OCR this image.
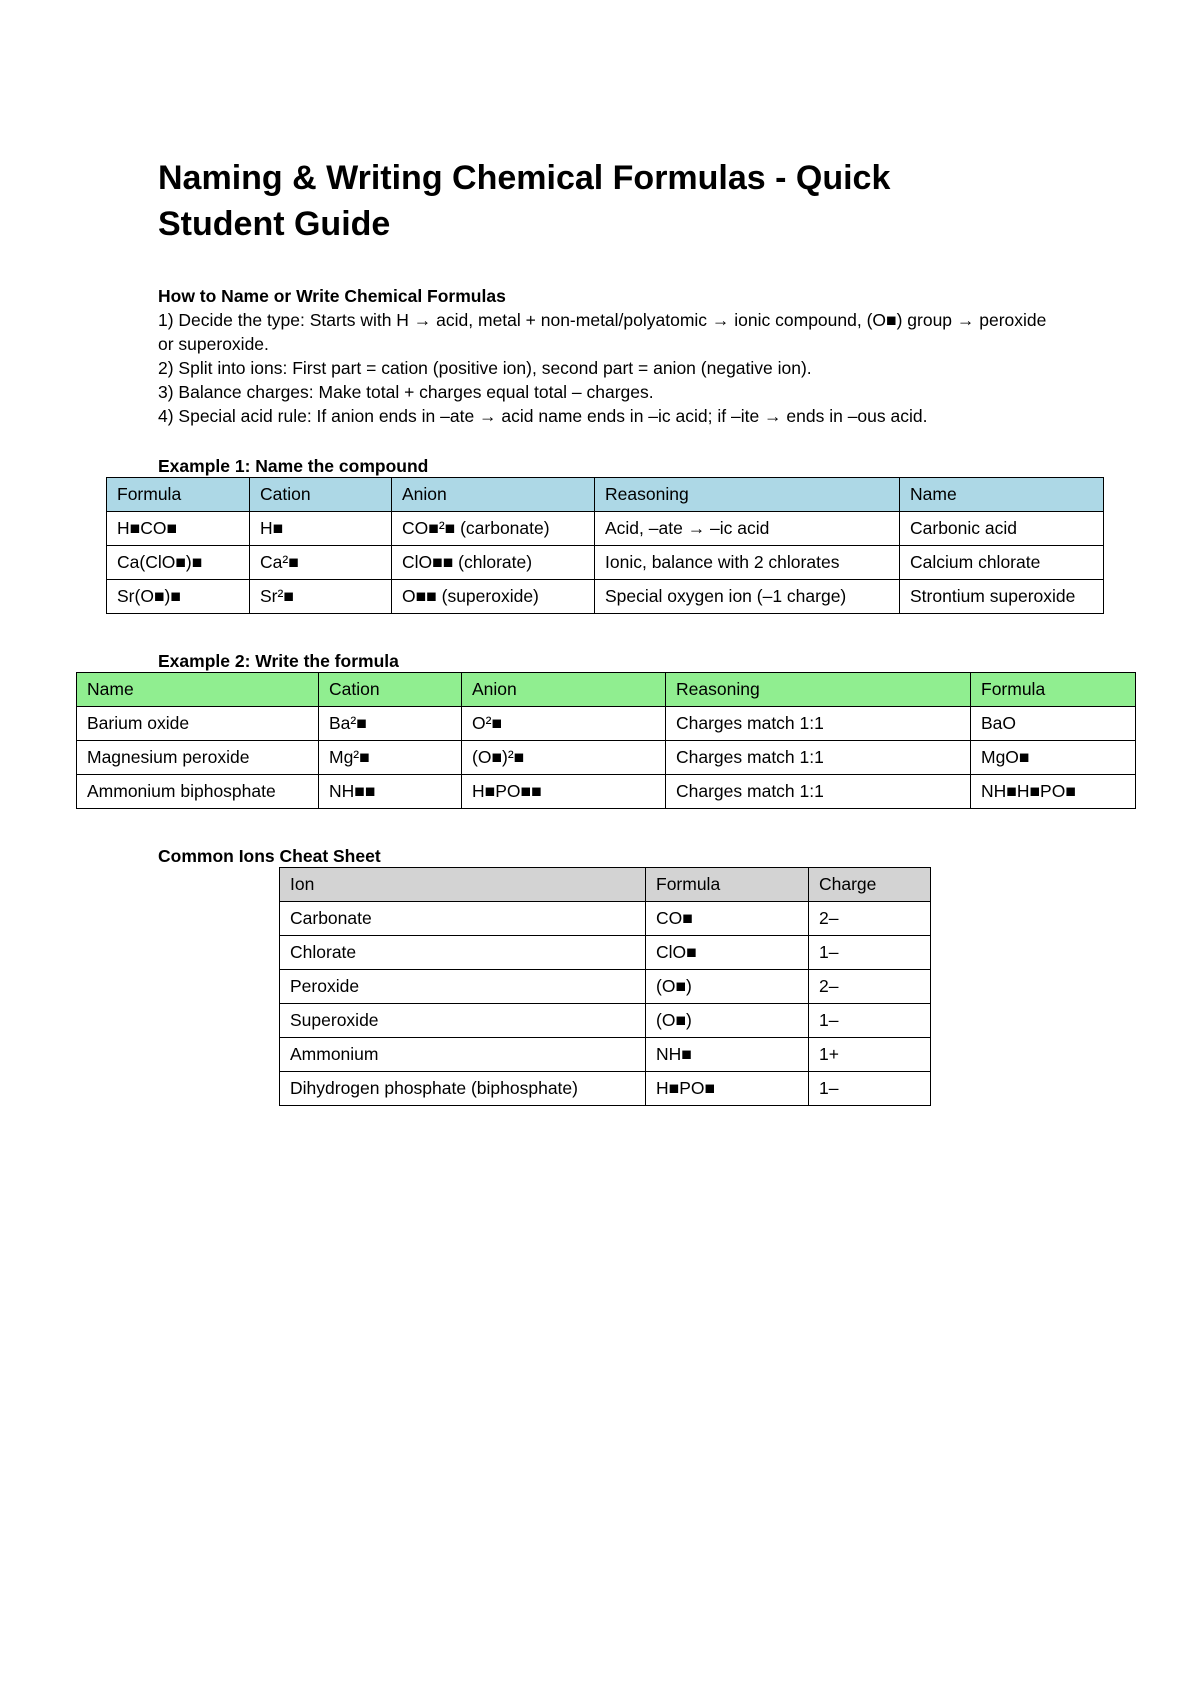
Naming & Writing Chemical Formulas - Quick Student Guide
How to Name or Write Chemical Formulas
1) Decide the type: Starts with H → acid, metal + non-metal/polyatomic → ionic compound, (O■) group → peroxide or superoxide.
2) Split into ions: First part = cation (positive ion), second part = anion (negative ion).
3) Balance charges: Make total + charges equal total – charges.
4) Special acid rule: If anion ends in –ate → acid name ends in –ic acid; if –ite → ends in –ous acid.
Example 1: Name the compound
Formula	Cation	Anion	Reasoning	Name
H■CO■	H■	CO■²■ (carbonate)	Acid, –ate → –ic acid	Carbonic acid
Ca(ClO■)■	Ca²■	ClO■■ (chlorate)	Ionic, balance with 2 chlorates	Calcium chlorate
Sr(O■)■	Sr²■	O■■ (superoxide)	Special oxygen ion (–1 charge)	Strontium superoxide
Example 2: Write the formula
Name	Cation	Anion	Reasoning	Formula
Barium oxide	Ba²■	O²■	Charges match 1:1	BaO
Magnesium peroxide	Mg²■	(O■)²■	Charges match 1:1	MgO■
Ammonium biphosphate	NH■■	H■PO■■	Charges match 1:1	NH■H■PO■
Common Ions Cheat Sheet
Ion	Formula	Charge
Carbonate	CO■	2–
Chlorate	ClO■	1–
Peroxide	(O■)	2–
Superoxide	(O■)	1–
Ammonium	NH■	1+
Dihydrogen phosphate (biphosphate)	H■PO■	1–
